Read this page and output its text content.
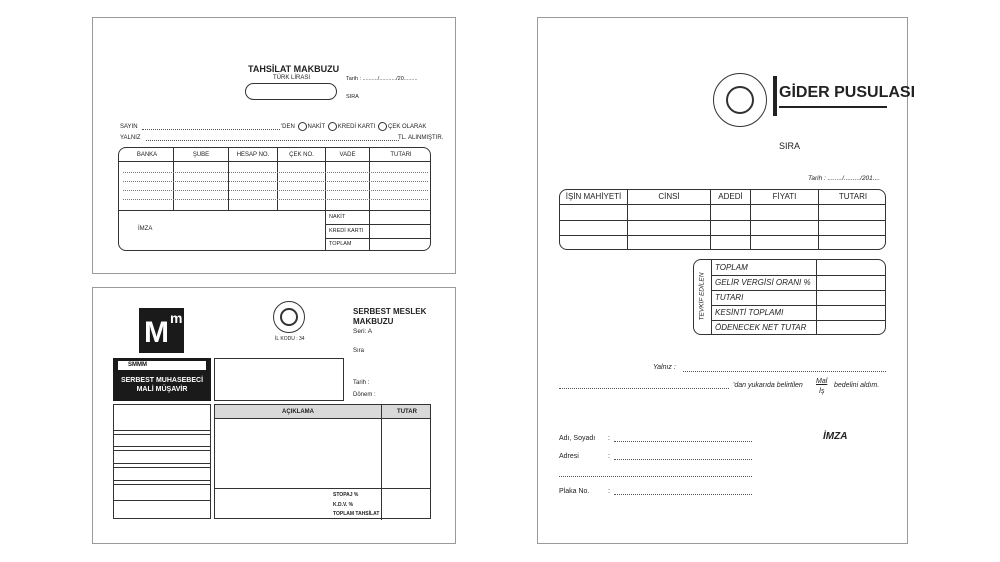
TAHSİLAT MAKBUZU
TÜRK LİRASI	Tarih : ........../.........../20.........
SIRA
SAYIN	'DEN NAKİT KREDİ KARTI ÇEK OLARAK
YALNIZ	TL. ALINMIŞTIR.
BANKA	ŞUBE	HESAP NO.	ÇEK NO.	VADE	TUTARI
İMZA
NAKİT
KREDİ KARTI
TOPLAM
M m
İL KODU : 34
SERBEST MESLEK
MAKBUZU
Seri: A
Sıra
SMMM
SERBEST MUHASEBECİ
MALİ MÜŞAVİR
Tarih :
Dönem :
AÇIKLAMA	TUTAR
STOPAJ %
K.D.V. %
TOPLAM TAHSİLAT
GİDER PUSULASI
SIRA
Tarih : ......../........./201....
İŞİN MAHİYETİ	CİNSİ	ADEDİ	FİYATI	TUTARI
TEVKİF EDİLEN
TOPLAM
GELİR VERGİSİ ORANI %
TUTARI
KESİNTİ TOPLAMI
ÖDENECEK NET TUTAR
Yalnız :
'dan yukarıda belirtilen
Mal
İş
bedelini aldım.
Adı, Soyadı :	İMZA
Adresi	:
Plaka No.	:
